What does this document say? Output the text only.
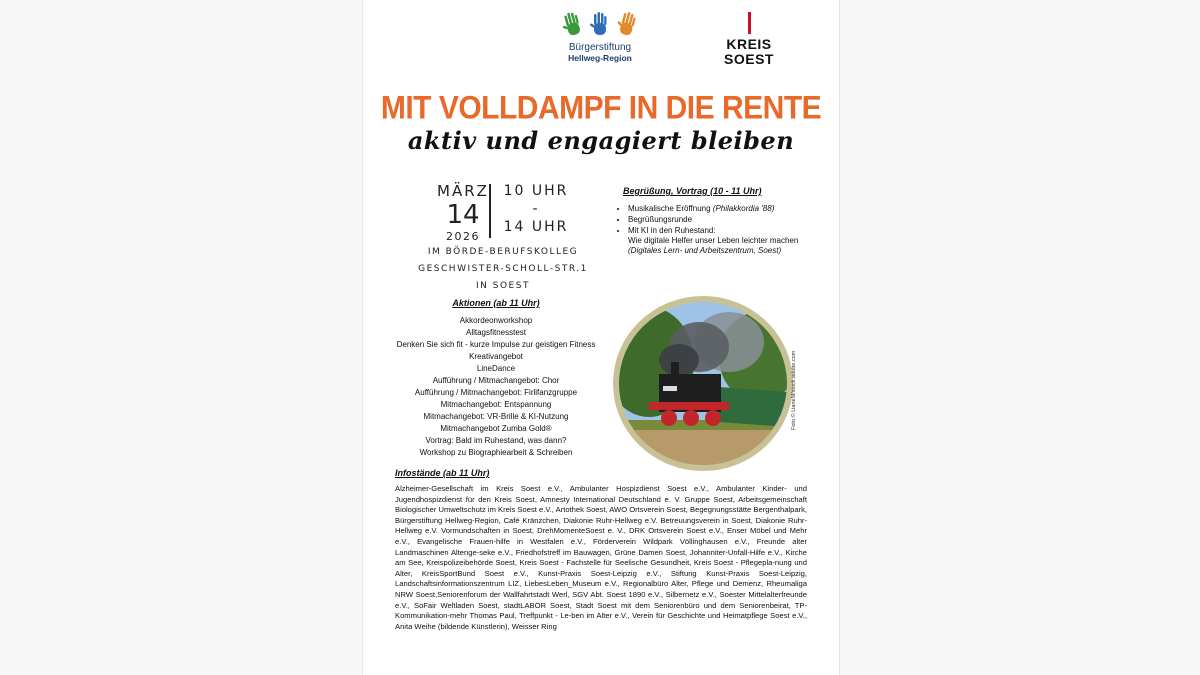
Bürgerstiftung
Hellweg-Region
KREIS
SOEST
MIT VOLLDAMPF IN DIE RENTE
aktiv und engagiert bleiben
MÄRZ
14
2026
10 UHR
-
14 UHR
IM BÖRDE-BERUFSKOLLEG
GESCHWISTER-SCHOLL-STR.1
IN SOEST
Begrüßung, Vortrag (10 - 11 Uhr)
• Musikalische Eröffnung (Philakkordia '88)
• Begrüßungsrunde
• Mit KI in den Ruhestand:
Wie digitale Helfer unser Leben leichter machen
(Digitales Lern- und Arbeitszentrum, Soest)
Aktionen (ab 11 Uhr)
Akkordeonworkshop
Alltagsfitnesstest
Denken Sie sich fit - kurze Impulse zur geistigen Fitness
Kreativangebot
LineDance
Aufführung / Mitmachangebot: Chor
Aufführung / Mitmachangebot: Firlifanzgruppe
Mitmachangebot: Entspannung
Mitmachangebot: VR-Brille & KI-Nutzung
Mitmachangebot Zumba Gold®
Vortrag: Bald im Ruhestand, was dann?
Workshop zu Biographiearbeit & Schreiben
Foto © LianeM/stock.adobe.com
Infostände (ab 11 Uhr)

Alzheimer-Gesellschaft im Kreis Soest e.V., Ambulanter Hospizdienst Soest e.V., Ambulanter Kinder- und Jugendhospizdienst für den Kreis Soest, Amnesty International Deutschland e. V. Gruppe Soest, Arbeitsgemeinschaft Biologischer Umweltschutz im Kreis Soest e.V., Artothek Soest, AWO Ortsverein Soest, Begegnungsstätte Bergenthalpark, Bürgerstiftung Hellweg-Region, Café Kränzchen, Diakonie Ruhr-Hellweg e.V. Betreuungsverein in Soest, Diakonie Ruhr-Hellweg e.V. Vormundschaften in Soest, DrehMomenteSoest e. V., DRK Ortsverein Soest e.V., Enser Möbel und Mehr e.V., Evangelische Frauen-hilfe in Westfalen e.V., Förderverein Wildpark Völlinghausen e.V., Freunde alter Landmaschinen Altenge-seke e.V., Friedhofstreff im Bauwagen, Grüne Damen Soest, Johanniter-Unfall-Hilfe e.V., Kirche am See, Kreispolizeibehörde Soest, Kreis Soest - Fachstelle für Seelische Gesundheit, Kreis Soest - Pflegepla-nung und Alter, KreisSportBund Soest e.V., Kunst-Praxis Soest-Leipzig e.V., Stiftung Kunst-Praxis Soest-Leipzig, Landschaftsinformationszentrum LIZ, LiebesLeben_Museum e.V., Regionalbüro Alter, Pflege und Demenz, Rheumaliga NRW Soest,Seniorenforum der Wallfahrtstadt Werl, SGV Abt. Soest 1890 e.V., Silbernetz e.V., Soester Mittelalterfreunde e.V., SoFair Weltladen Soest, stadtLABOR Soest, Stadt Soest mit dem Seniorenbüro und dem Seniorenbeirat, TP-Kommunikation-mehr Thomas Paul, Treffpunkt - Le-ben im Alter e.V., Verein für Geschichte und Heimatpflege Soest e.V., Anita Weihe (bildende Künstlerin), Weisser Ring
